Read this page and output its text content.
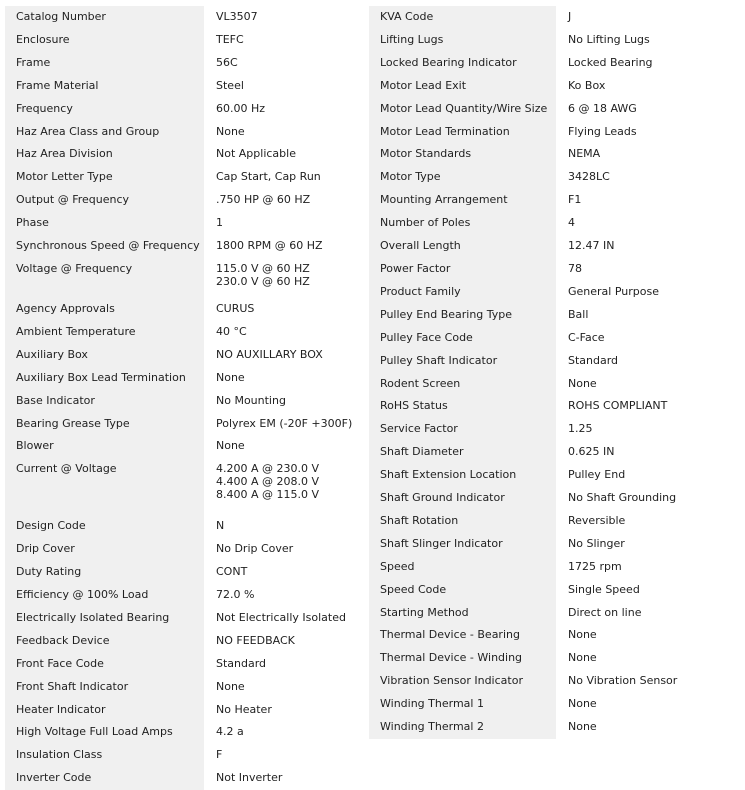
Catalog Number	VL3507
Enclosure	TEFC
Frame	56C
Frame Material	Steel
Frequency	60.00 Hz
Haz Area Class and Group	None
Haz Area Division	Not Applicable
Motor Letter Type	Cap Start, Cap Run
Output @ Frequency	.750 HP @ 60 HZ
Phase	1
Synchronous Speed @ Frequency	1800 RPM @ 60 HZ
Voltage @ Frequency	115.0 V @ 60 HZ
230.0 V @ 60 HZ
Agency Approvals	CURUS
Ambient Temperature	40 °C
Auxiliary Box	NO AUXILLARY BOX
Auxiliary Box Lead Termination	None
Base Indicator	No Mounting
Bearing Grease Type	Polyrex EM (-20F +300F)
Blower	None
Current @ Voltage	4.200 A @ 230.0 V
4.400 A @ 208.0 V
8.400 A @ 115.0 V
Design Code	N
Drip Cover	No Drip Cover
Duty Rating	CONT
Efficiency @ 100% Load	72.0 %
Electrically Isolated Bearing	Not Electrically Isolated
Feedback Device	NO FEEDBACK
Front Face Code	Standard
Front Shaft Indicator	None
Heater Indicator	No Heater
High Voltage Full Load Amps	4.2 a
Insulation Class	F
Inverter Code	Not Inverter
KVA Code	J
Lifting Lugs	No Lifting Lugs
Locked Bearing Indicator	Locked Bearing
Motor Lead Exit	Ko Box
Motor Lead Quantity/Wire Size	6 @ 18 AWG
Motor Lead Termination	Flying Leads
Motor Standards	NEMA
Motor Type	3428LC
Mounting Arrangement	F1
Number of Poles	4
Overall Length	12.47 IN
Power Factor	78
Product Family	General Purpose
Pulley End Bearing Type	Ball
Pulley Face Code	C-Face
Pulley Shaft Indicator	Standard
Rodent Screen	None
RoHS Status	ROHS COMPLIANT
Service Factor	1.25
Shaft Diameter	0.625 IN
Shaft Extension Location	Pulley End
Shaft Ground Indicator	No Shaft Grounding
Shaft Rotation	Reversible
Shaft Slinger Indicator	No Slinger
Speed	1725 rpm
Speed Code	Single Speed
Starting Method	Direct on line
Thermal Device - Bearing	None
Thermal Device - Winding	None
Vibration Sensor Indicator	No Vibration Sensor
Winding Thermal 1	None
Winding Thermal 2	None
